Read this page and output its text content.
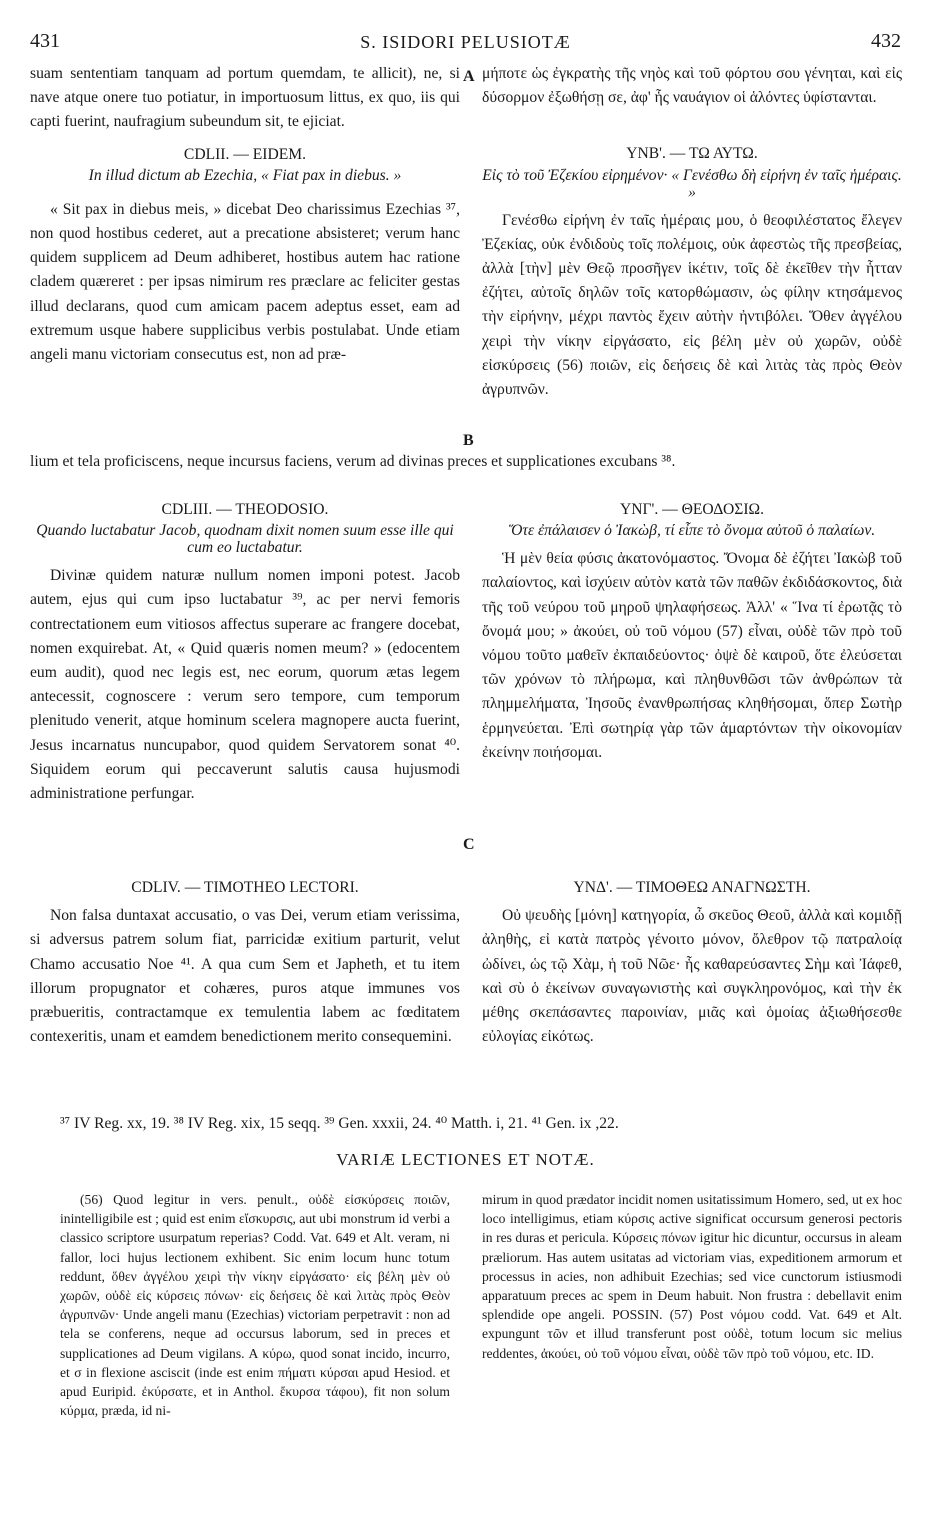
431	S. ISIDORI PELUSIOTÆ	432

suam sententiam tanquam ad portum quemdam, te allicit), ne, si nave atque onere tuo potiatur, in importuosum littus, ex quo, iis qui capti fuerint, naufragium subeundum sit, te ejiciat.

CDLII. — EIDEM.

In illud dictum ab Ezechia, « Fiat pax in diebus. »

« Sit pax in diebus meis, » dicebat Deo charissimus Ezechias ³⁷, non quod hostibus cederet, aut a precatione absisteret; verum hanc quidem supplicem ad Deum adhiberet, hostibus autem hac ratione cladem quæreret : per ipsas nimirum res præclare ac feliciter gestas illud declarans, quod cum amicam pacem adeptus esset, eam ad extremum usque habere supplicibus verbis postulabat. Unde etiam angeli manu victoriam consecutus est, non ad præ-

μήποτε ὡς ἐγκρατὴς τῆς νηὸς καὶ τοῦ φόρτου σου γένηται, καὶ εἰς δύσορμον ἐξωθήσῃ σε, ἀφ' ἧς ναυάγιον οἱ ἁλόντες ὑφίστανται.

ΥΝΒ'. — ΤΩ ΑΥΤΩ.

Εἰς τὸ τοῦ Ἐζεκίου εἰρημένον· « Γενέσθω δὴ εἰρήνη ἐν ταῖς ἡμέραις. »

Γενέσθω εἰρήνη ἐν ταῖς ἡμέραις μου, ὁ θεοφιλέστατος ἔλεγεν Ἐζεκίας, οὐκ ἐνδιδοὺς τοῖς πολέμοις, οὐκ ἀφεστὼς τῆς πρεσβείας, ἀλλὰ [τὴν] μὲν Θεῷ προσῆγεν ἱκέτιν, τοῖς δὲ ἐκεῖθεν τὴν ἧτταν ἐζήτει, αὐτοῖς δηλῶν τοῖς κατορθώμασιν, ὡς φίλην κτησάμενος τὴν εἰρήνην, μέχρι παντὸς ἔχειν αὐτὴν ἠντιβόλει. Ὅθεν ἀγγέλου χειρὶ τὴν νίκην εἰργάσατο, εἰς βέλη μὲν οὐ χωρῶν, οὐδὲ εἰσκύρσεις (56) ποιῶν, εἰς δεήσεις δὲ καὶ λιτὰς τὰς πρὸς Θεὸν ἀγρυπνῶν.

A
B

lium et tela proficiscens, neque incursus faciens, verum ad divinas preces et supplicationes excubans ³⁸.

CDLIII. — THEODOSIO.

Quando luctabatur Jacob, quodnam dixit nomen suum esse ille qui cum eo luctabatur.

Divinæ quidem naturæ nullum nomen imponi potest. Jacob autem, ejus qui cum ipso luctabatur ³⁹, ac per nervi femoris contrectationem eum vitiosos affectus superare ac frangere docebat, nomen exquirebat. At, « Quid quæris nomen meum? » (edocentem eum audit), quod nec legis est, nec eorum, quorum ætas legem antecessit, cognoscere : verum sero tempore, cum temporum plenitudo venerit, atque hominum scelera magnopere aucta fuerint, Jesus incarnatus nuncupabor, quod quidem Servatorem sonat ⁴⁰. Siquidem eorum qui peccaverunt salutis causa hujusmodi administratione perfungar.

ΥΝΓ'. — ΘΕΟΔΟΣΙΩ.

Ὅτε ἐπάλαισεν ὁ Ἰακὼβ, τί εἶπε τὸ ὄνομα αὐτοῦ ὁ παλαίων.

Ἡ μὲν θεία φύσις ἀκατονόμαστος. Ὄνομα δὲ ἐζήτει Ἰακὼβ τοῦ παλαίοντος, καὶ ἰσχύειν αὐτὸν κατὰ τῶν παθῶν ἐκδιδάσκοντος, διὰ τῆς τοῦ νεύρου τοῦ μηροῦ ψηλαφήσεως. Ἀλλ' « Ἵνα τί ἐρωτᾷς τὸ ὄνομά μου; » ἀκούει, οὐ τοῦ νόμου (57) εἶναι, οὐδὲ τῶν πρὸ τοῦ νόμου τοῦτο μαθεῖν ἐκπαιδεύοντος· ὀψὲ δὲ καιροῦ, ὅτε ἐλεύσεται τῶν χρόνων τὸ πλήρωμα, καὶ πληθυνθῶσι τῶν ἀνθρώπων τὰ πλημμελήματα, Ἰησοῦς ἐνανθρωπήσας κληθήσομαι, ὅπερ Σωτὴρ ἑρμηνεύεται. Ἐπὶ σωτηρίᾳ γὰρ τῶν ἁμαρτόντων τὴν οἰκονομίαν ἐκείνην ποιήσομαι.

C

CDLIV. — TIMOTHEO LECTORI.

Non falsa duntaxat accusatio, o vas Dei, verum etiam verissima, si adversus patrem solum fiat, parricidæ exitium parturit, velut Chamo accusatio Noe ⁴¹. A qua cum Sem et Japheth, et tu item illorum propugnator et cohæres, puros atque immunes vos præbueritis, contractamque ex temulentia labem ac fœditatem contexeritis, unam et eamdem benedictionem merito consequemini.

ΥΝΔ'. — ΤΙΜΟΘΕΩ ΑΝΑΓΝΩΣΤΗ.

Οὐ ψευδὴς [μόνη] κατηγορία, ὦ σκεῦος Θεοῦ, ἀλλὰ καὶ κομιδῇ ἀληθὴς, εἰ κατὰ πατρὸς γένοιτο μόνον, ὄλεθρον τῷ πατραλοίᾳ ὠδίνει, ὡς τῷ Χὰμ, ἡ τοῦ Νῶε· ἧς καθαρεύσαντες Σὴμ καὶ Ἰάφεθ, καὶ σὺ ὁ ἐκείνων συναγωνιστὴς καὶ συγκληρονόμος, καὶ τὴν ἐκ μέθης σκεπάσαντες παροινίαν, μιᾶς καὶ ὁμοίας ἀξιωθήσεσθε εὐλογίας εἰκότως.

³⁷ IV Reg. xx, 19. ³⁸ IV Reg. xix, 15 seqq. ³⁹ Gen. xxxii, 24. ⁴⁰ Matth. i, 21. ⁴¹ Gen. ix ,22.
VARIÆ LECTIONES ET NOTÆ.

(56) Quod legitur in vers. penult., οὐδὲ εἰσκύρσεις ποιῶν, inintelligibile est ; quid est enim εἴσκυρσις, aut ubi monstrum id verbi a classico scriptore usurpatum reperias? Codd. Vat. 649 et Alt. veram, ni fallor, loci hujus lectionem exhibent. Sic enim locum hunc totum reddunt, ὅθεν ἀγγέλου χειρὶ τὴν νίκην εἰργάσατο· εἰς βέλη μὲν οὐ χωρῶν, οὐδὲ εἰς κύρσεις πόνων· εἰς δεήσεις δὲ καὶ λιτὰς πρὸς Θεὸν ἀγρυπνῶν· Unde angeli manu (Ezechias) victoriam perpetravit : non ad tela se conferens, neque ad occursus laborum, sed in preces et supplicationes ad Deum vigilans. A κύρω, quod sonat incido, incurro, et σ in flexione asciscit (inde est enim πήματι κύρσαι apud Hesiod. et apud Euripid. ἐκύρσατε, et in Anthol. ἔκυρσα τάφου), fit non solum κύρμα, præda, id ni-

mirum in quod prædator incidit nomen usitatissimum Homero, sed, ut ex hoc loco intelligimus, etiam κύρσις active significat occursum generosi pectoris in res duras et pericula. Κύρσεις πόνων igitur hic dicuntur, occursus in aleam præliorum. Has autem usitatas ad victoriam vias, expeditionem armorum et processus in acies, non adhibuit Ezechias; sed vice cunctorum istiusmodi apparatuum preces ac spem in Deum habuit. Non frustra : debellavit enim splendide ope angeli. POSSIN. (57) Post νόμου codd. Vat. 649 et Alt. expungunt τῶν et illud transferunt post οὐδὲ, totum locum sic melius reddentes, ἀκούει, οὐ τοῦ νόμου εἶναι, οὐδὲ τῶν πρὸ τοῦ νόμου, etc. ID.
